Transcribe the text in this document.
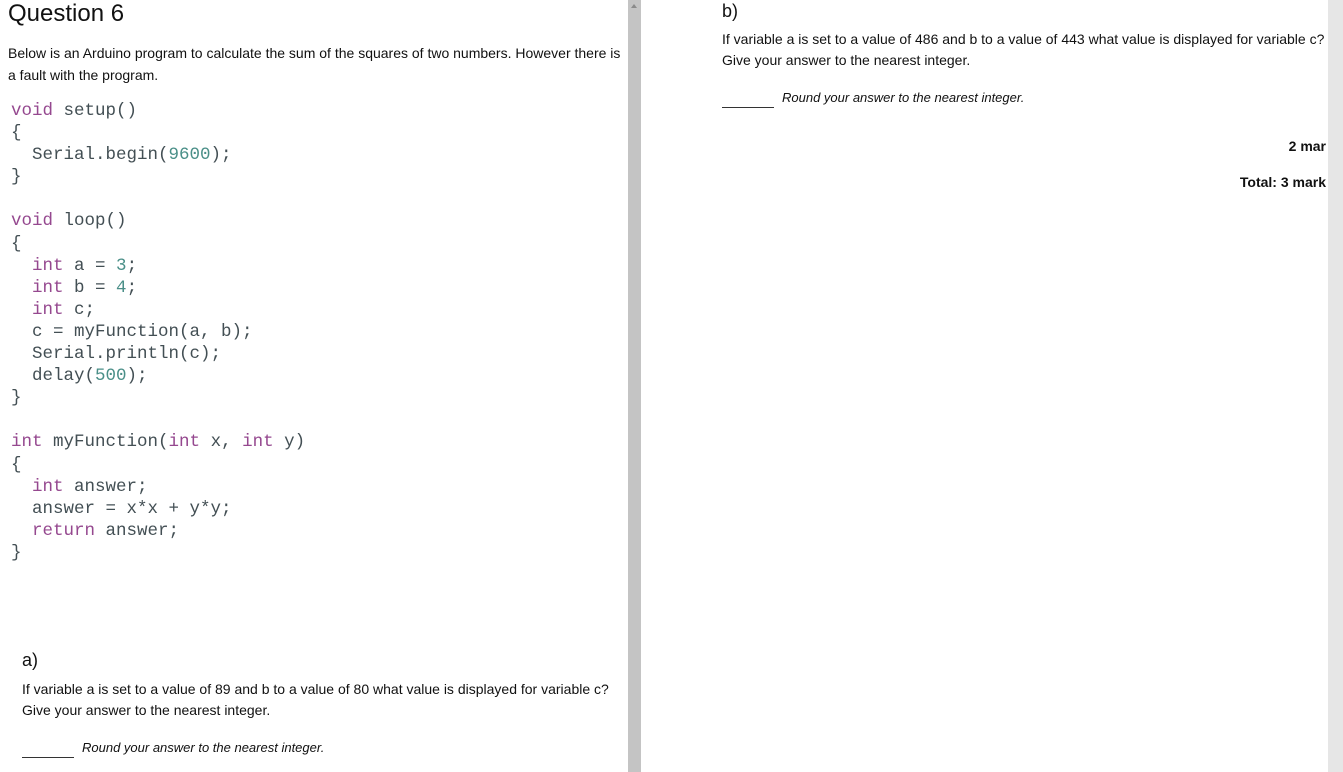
Question 6
Below is an Arduino program to calculate the sum of the squares of two numbers. However there is a fault with the program.
void setup()
{
Serial.begin(9600);
}
void loop()
{
int a = 3;
int b = 4;
int c;
c = myFunction(a, b);
Serial.println(c);
delay(500);
}
int myFunction(int x, int y)
{
int answer;
answer = x*x + y*y;
return answer;
}
a)
If variable a is set to a value of 89 and b to a value of 80 what value is displayed for variable c? Give your answer to the nearest integer.
Round your answer to the nearest integer.
b)
If variable a is set to a value of 486 and b to a value of 443 what value is displayed for variable c? Give your answer to the nearest integer.
Round your answer to the nearest integer.
2 mar
Total: 3 mark
